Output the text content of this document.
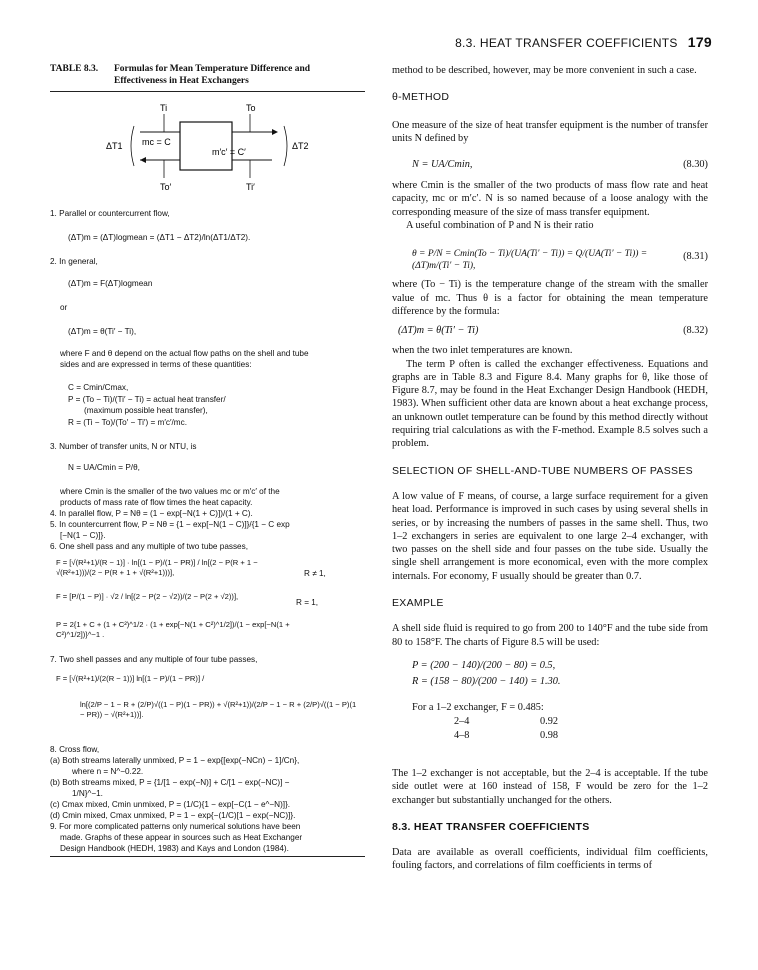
8.3. HEAT TRANSFER COEFFICIENTS 179
TABLE 8.3. Formulas for Mean Temperature Difference and Effectiveness in Heat Exchangers
Ti	To
ΔT1	ΔT2
mc = C
m′c′ = C′
To′	Ti′
1. Parallel or countercurrent flow,
(ΔT)m = (ΔT)logmean = (ΔT1 − ΔT2)/ln(ΔT1/ΔT2).
2. In general,
(ΔT)m = F(ΔT)logmean
or
(ΔT)m = θ(Ti′ − Ti),
where F and θ depend on the actual flow paths on the shell and tube
sides and are expressed in terms of these quantities:
C = Cmin/Cmax,
P = (To − Ti)/(Ti′ − Ti) = actual heat transfer/
(maximum possible heat transfer),
R = (Ti − To)/(To′ − Ti′) = m′c′/mc.
3. Number of transfer units, N or NTU, is
N = UA/Cmin = P/θ,
where Cmin is the smaller of the two values mc or m′c′ of the
products of mass rate of flow times the heat capacity.
4. In parallel flow, P = Nθ = (1 − exp[−N(1 + C)])/(1 + C).
5. In countercurrent flow, P = Nθ = {1 − exp[−N(1 − C)]}/{1 − C exp
[−N(1 − C)]}.
6. One shell pass and any multiple of two tube passes,
F = [√(R²+1)/(R − 1)] · ln[(1 − P)/(1 − PR)] / ln[(2 − P(R + 1 − √(R²+1)))/(2 − P(R + 1 + √(R²+1)))],	R ≠ 1,
F = [P/(1 − P)] · √2 / ln[(2 − P(2 − √2))/(2 − P(2 + √2))],
R = 1,
P = 2{1 + C + (1 + C²)^1/2 · (1 + exp[−N(1 + C²)^1/2])/(1 − exp[−N(1 + C²)^1/2])}^−1 .
7. Two shell passes and any multiple of four tube passes,
F = [√(R²+1)/(2(R − 1))] ln[(1 − P)/(1 − PR)] /
ln[(2/P − 1 − R + (2/P)√((1 − P)(1 − PR)) + √(R²+1))/(2/P − 1 − R + (2/P)√((1 − P)(1 − PR)) − √(R²+1))].
8. Cross flow,
(a) Both streams laterally unmixed, P = 1 − exp{[exp(−NCn) − 1]/Cn},
where n = N^−0.22.
(b) Both streams mixed, P = {1/[1 − exp(−N)] + C/[1 − exp(−NC)] −
1/N}^−1.
(c) Cmax mixed, Cmin unmixed, P = (1/C){1 − exp[−C(1 − e^−N)]}.
(d) Cmin mixed, Cmax unmixed, P = 1 − exp{−(1/C)[1 − exp(−NC)]}.
9. For more complicated patterns only numerical solutions have been
made. Graphs of these appear in sources such as Heat Exchanger
Design Handbook (HEDH, 1983) and Kays and London (1984).

method to be described, however, may be more convenient in such a case.

θ-METHOD

One measure of the size of heat transfer equipment is the number of transfer units N defined by

N = UA/Cmin,	(8.30)

where Cmin is the smaller of the two products of mass flow rate and heat capacity, mc or m′c′. N is so named because of a loose analogy with the corresponding measure of the size of mass transfer equipment.

A useful combination of P and N is their ratio

θ = P/N = Cmin(To − Ti)/(UA(Ti′ − Ti)) = Q/(UA(Ti′ − Ti)) = (ΔT)m/(Ti′ − Ti),
(8.31)

where (To − Ti) is the temperature change of the stream with the smaller value of mc. Thus θ is a factor for obtaining the mean temperature difference by the formula:

(ΔT)m = θ(Ti′ − Ti)	(8.32)

when the two inlet temperatures are known.

The term P often is called the exchanger effectiveness. Equations and graphs are in Table 8.3 and Figure 8.4. Many graphs for θ, like those of Figure 8.7, may be found in the Heat Exchanger Design Handbook (HEDH, 1983). When sufficient other data are known about a heat exchange process, an unknown outlet temperature can be found by this method directly without requiring trial calculations as with the F-method. Example 8.5 solves such a problem.

SELECTION OF SHELL-AND-TUBE NUMBERS OF PASSES

A low value of F means, of course, a large surface requirement for a given heat load. Performance is improved in such cases by using several shells in series, or by increasing the numbers of passes in the same shell. Thus, two 1–2 exchangers in series are equivalent to one large 2–4 exchanger, with two passes on the shell side and four passes on the tube side. Usually the single shell arrangement is more economical, even with the more complex internals. For economy, F usually should be greater than 0.7.

EXAMPLE

A shell side fluid is required to go from 200 to 140°F and the tube side from 80 to 158°F. The charts of Figure 8.5 will be used:

P = (200 − 140)/(200 − 80) = 0.5,
R = (158 − 80)/(200 − 140) = 1.30.
For a 1–2 exchanger, F = 0.485:
2–4	0.92
4–8	0.98

The 1–2 exchanger is not acceptable, but the 2–4 is acceptable. If the tube side outlet were at 160 instead of 158, F would be zero for the 1–2 exchanger but substantially unchanged for the others.

8.3. HEAT TRANSFER COEFFICIENTS

Data are available as overall coefficients, individual film coefficients, fouling factors, and correlations of film coefficients in terms of
